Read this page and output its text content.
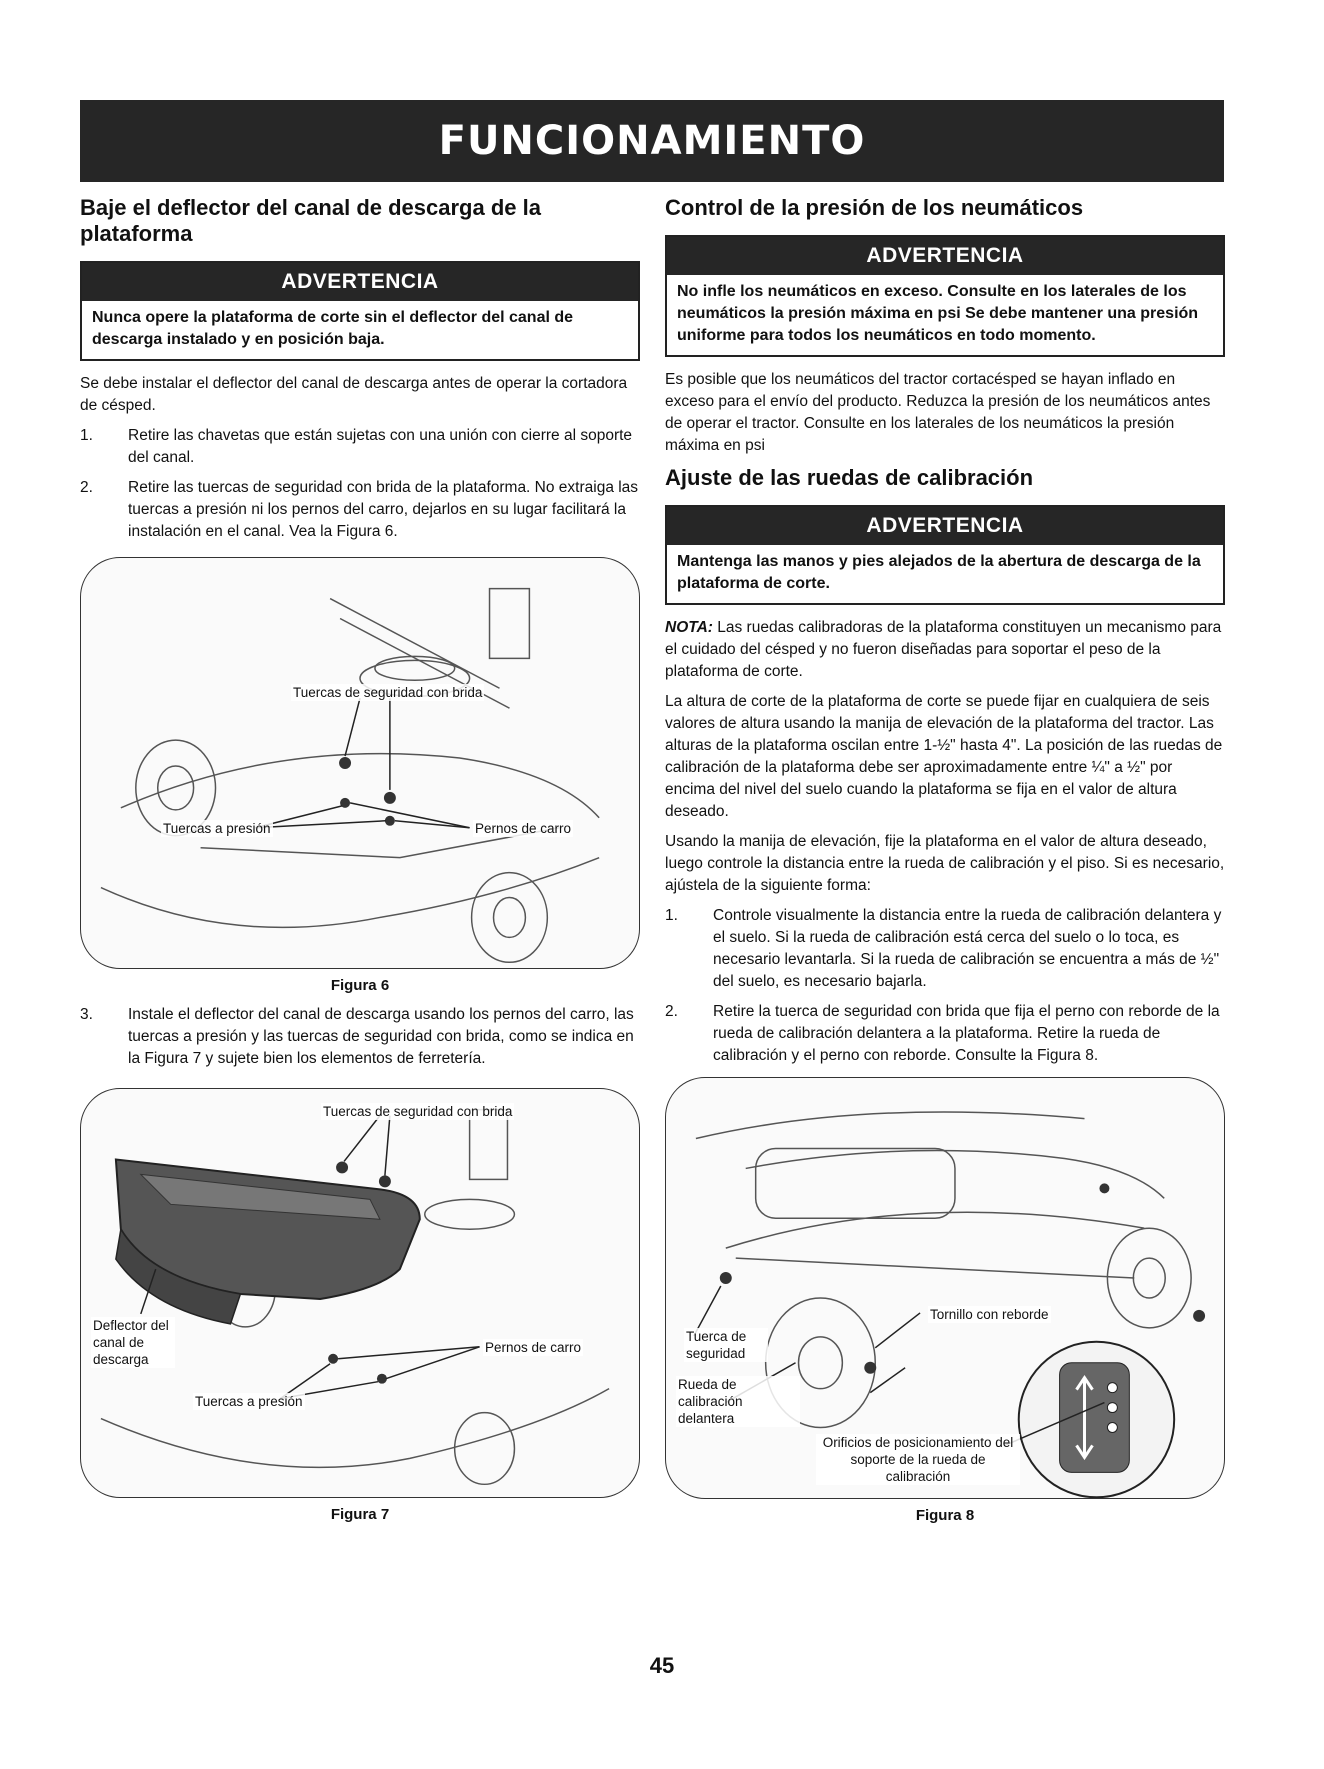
FUNCIONAMIENTO
Baje el deflector del canal de descarga de la plataforma
ADVERTENCIA
Nunca opere la plataforma de corte sin el deflector del canal de descarga instalado y en posición baja.

Se debe instalar el deflector del canal de descarga antes de operar la cortadora de césped.

1. Retire las chavetas que están sujetas con una unión con cierre al soporte del canal.
2. Retire las tuercas de seguridad con brida de la plataforma. No extraiga las tuercas a presión ni los pernos del carro, dejarlos en su lugar facilitará la instalación en el canal. Vea la Figura 6.
Tuercas de seguridad con brida
Tuercas a presión	Pernos de carro
Figura 6
3. Instale el deflector del canal de descarga usando los pernos del carro, las tuercas a presión y las tuercas de seguridad con brida, como se indica en la Figura 7 y sujete bien los elementos de ferretería.
Tuercas de seguridad con brida
Deflector del canal de descarga
Pernos de carro
Tuercas a presión
Figura 7
Control de la presión de los neumáticos
ADVERTENCIA
No infle los neumáticos en exceso. Consulte en los laterales de los neumáticos la presión máxima en psi Se debe mantener una presión uniforme para todos los neumáticos en todo momento.

Es posible que los neumáticos del tractor cortacésped se hayan inflado en exceso para el envío del producto. Reduzca la presión de los neumáticos antes de operar el tractor. Consulte en los laterales de los neumáticos la presión máxima en psi

Ajuste de las ruedas de calibración
ADVERTENCIA
Mantenga las manos y pies alejados de la abertura de descarga de la plataforma de corte.

NOTA: Las ruedas calibradoras de la plataforma constituyen un mecanismo para el cuidado del césped y no fueron diseñadas para soportar el peso de la plataforma de corte.

La altura de corte de la plataforma de corte se puede fijar en cualquiera de seis valores de altura usando la manija de elevación de la plataforma del tractor. Las alturas de la plataforma oscilan entre 1-½" hasta 4". La posición de las ruedas de calibración de la plataforma debe ser aproximadamente entre ¼" a ½" por encima del nivel del suelo cuando la plataforma se fija en el valor de altura deseado.

Usando la manija de elevación, fije la plataforma en el valor de altura deseado, luego controle la distancia entre la rueda de calibración y el piso. Si es necesario, ajústela de la siguiente forma:

1. Controle visualmente la distancia entre la rueda de calibración delantera y el suelo. Si la rueda de calibración está cerca del suelo o lo toca, es necesario levantarla. Si la rueda de calibración se encuentra a más de ½" del suelo, es necesario bajarla.
2. Retire la tuerca de seguridad con brida que fija el perno con reborde de la rueda de calibración delantera a la plataforma. Retire la rueda de calibración y el perno con reborde. Consulte la Figura 8.
Tuerca de seguridad
Tornillo con reborde
Rueda de calibración delantera
Orificios de posicionamiento del soporte de la rueda de calibración
Figura 8
45
